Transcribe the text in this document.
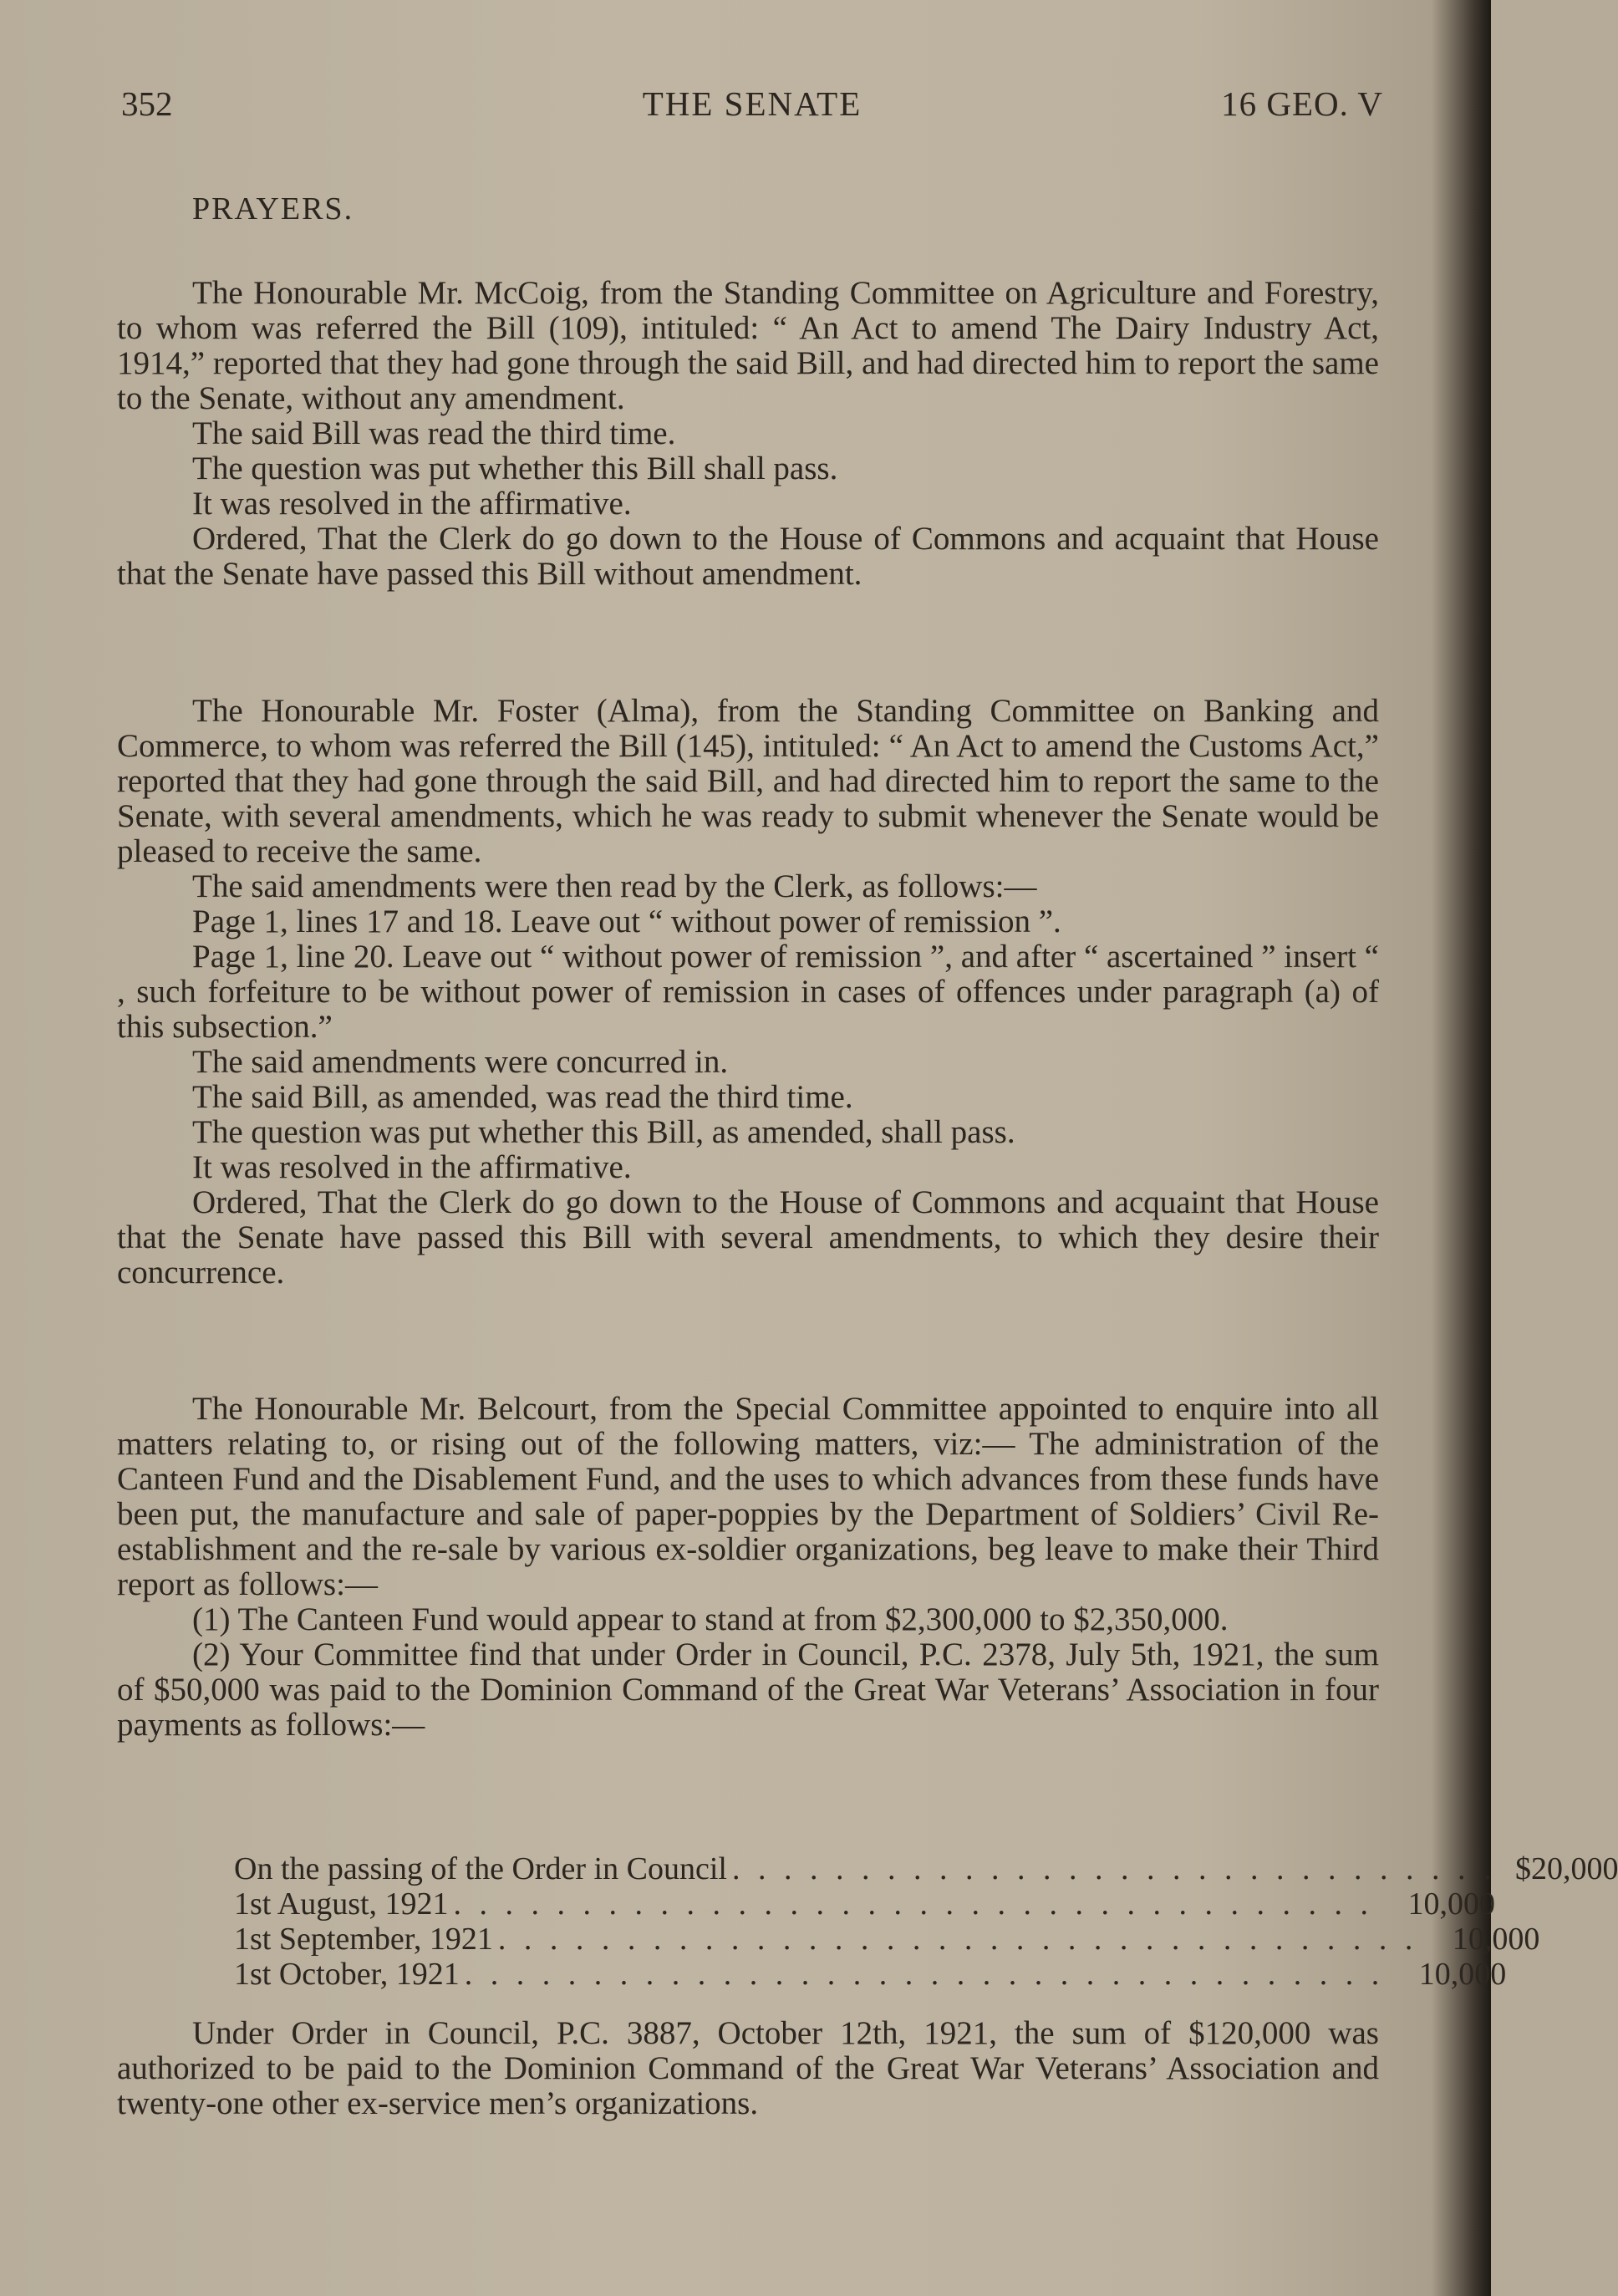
352	THE SENATE	16 GEO. V
PRAYERS.

The Honourable Mr. McCoig, from the Standing Committee on Agriculture and Forestry, to whom was referred the Bill (109), intituled: “ An Act to amend The Dairy Industry Act, 1914,” reported that they had gone through the said Bill, and had directed him to report the same to the Senate, without any amendment.

The said Bill was read the third time.

The question was put whether this Bill shall pass.

It was resolved in the affirmative.

Ordered, That the Clerk do go down to the House of Commons and acquaint that House that the Senate have passed this Bill without amendment.

The Honourable Mr. Foster (Alma), from the Standing Committee on Banking and Commerce, to whom was referred the Bill (145), intituled: “ An Act to amend the Customs Act,” reported that they had gone through the said Bill, and had directed him to report the same to the Senate, with several amendments, which he was ready to submit whenever the Senate would be pleased to receive the same.

The said amendments were then read by the Clerk, as follows:—

Page 1, lines 17 and 18. Leave out “ without power of remission ”.

Page 1, line 20. Leave out “ without power of remission ”, and after “ ascertained ” insert “ , such forfeiture to be without power of remission in cases of offences under paragraph (a) of this subsection.”

The said amendments were concurred in.

The said Bill, as amended, was read the third time.

The question was put whether this Bill, as amended, shall pass.

It was resolved in the affirmative.

Ordered, That the Clerk do go down to the House of Commons and acquaint that House that the Senate have passed this Bill with several amendments, to which they desire their concurrence.

The Honourable Mr. Belcourt, from the Special Committee appointed to enquire into all matters relating to, or rising out of the following matters, viz:— The administration of the Canteen Fund and the Disablement Fund, and the uses to which advances from these funds have been put, the manufacture and sale of paper-poppies by the Department of Soldiers’ Civil Re-establishment and the re-sale by various ex-soldier organizations, beg leave to make their Third report as follows:—

(1) The Canteen Fund would appear to stand at from $2,300,000 to $2,350,000.

(2) Your Committee find that under Order in Council, P.C. 2378, July 5th, 1921, the sum of $50,000 was paid to the Dominion Command of the Great War Veterans’ Association in four payments as follows:—

On the passing of the Order in Council . . . . . . . . . . . . . . . . . . . . . . . . . . . . . . $20,000
1st August, 1921 . . . . . . . . . . . . . . . . . . . . . . . . . . . . . . . . . . . .	10,000
1st September, 1921 . . . . . . . . . . . . . . . . . . . . . . . . . . . . . . . . . . . .	10,000
1st October, 1921 . . . . . . . . . . . . . . . . . . . . . . . . . . . . . . . . . . . .	10,000

Under Order in Council, P.C. 3887, October 12th, 1921, the sum of $120,000 was authorized to be paid to the Dominion Command of the Great War Veterans’ Association and twenty-one other ex-service men’s organizations.
